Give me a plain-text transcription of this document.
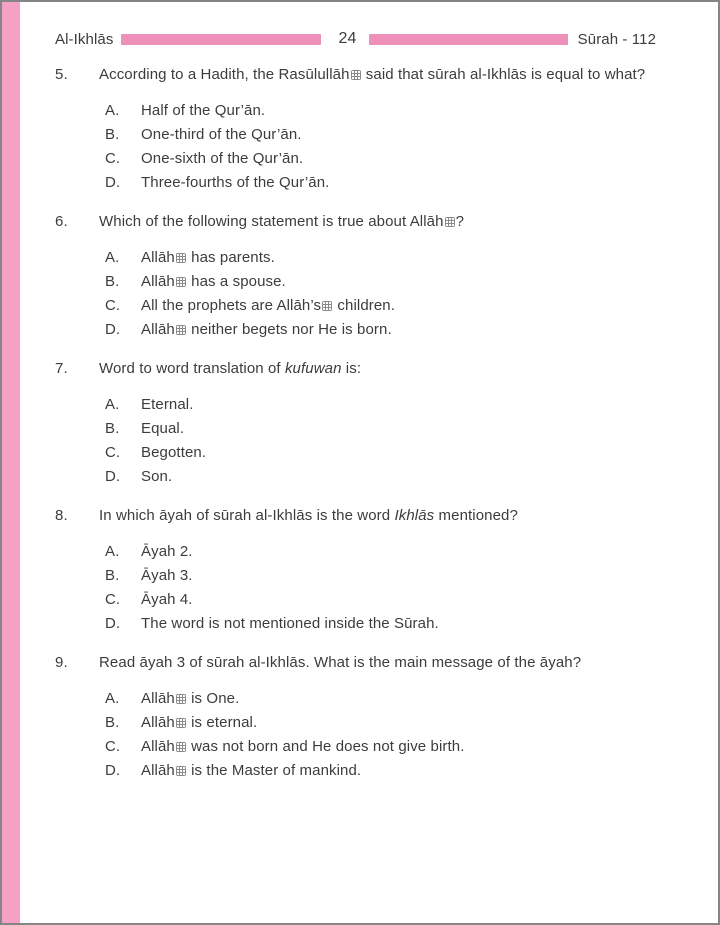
Al-Ikhlās	24	Sūrah - 112
5.	According to a Hadith, the Rasūlullāh said that sūrah al-Ikhlās is equal to what?
A.	Half of the Qur’ān.
B.	One-third of the Qur’ān.
C.	One-sixth of the Qur’ān.
D.	Three-fourths of the Qur’ān.
6.	Which of the following statement is true about Allāh ?
A.	Allāh has parents.
B.	Allāh has a spouse.
C.	All the prophets are Allāh’s children.
D.	Allāh neither begets nor He is born.
7.	Word to word translation of kufuwan is:
A.	Eternal.
B.	Equal.
C.	Begotten.
D.	Son.
8.	In which āyah of sūrah al-Ikhlās is the word Ikhlās mentioned?
A.	Āyah 2.
B.	Āyah 3.
C.	Āyah 4.
D.	The word is not mentioned inside the Sūrah.
9.	Read āyah 3 of sūrah al-Ikhlās. What is the main message of the āyah?
A.	Allāh is One.
B.	Allāh is eternal.
C.	Allāh was not born and He does not give birth.
D.	Allāh is the Master of mankind.
